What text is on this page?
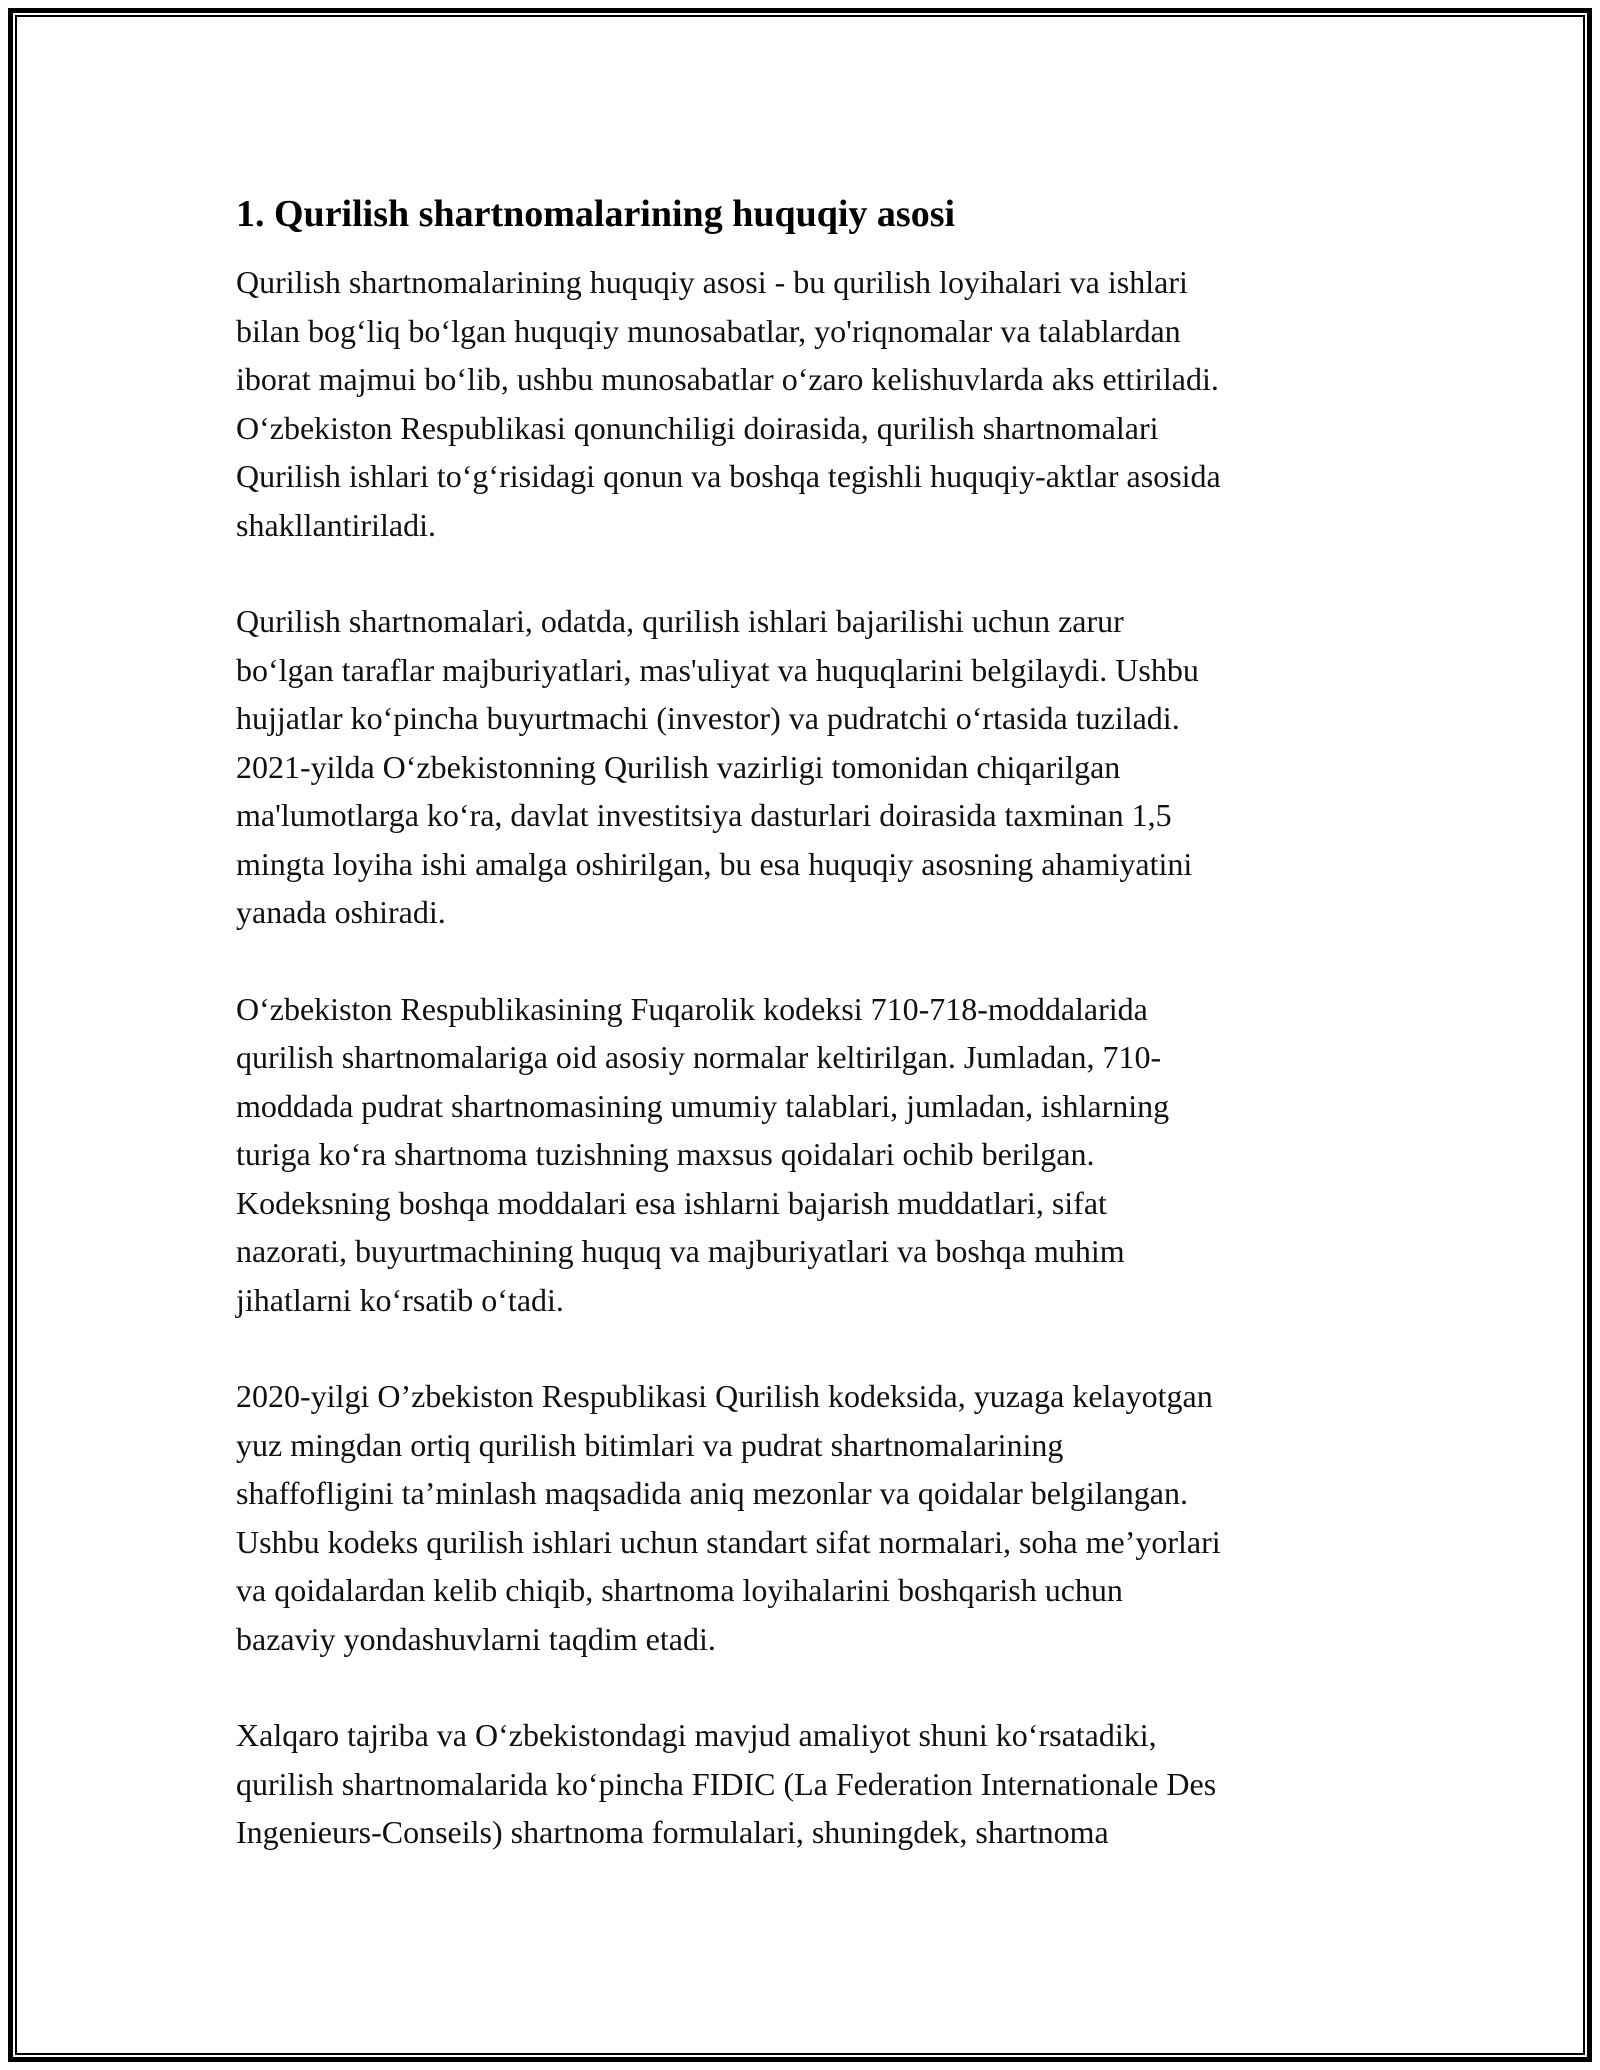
1. Qurilish shartnomalarining huquqiy asosi

Qurilish shartnomalarining huquqiy asosi - bu qurilish loyihalari va ishlari
bilan bog‘liq bo‘lgan huquqiy munosabatlar, yo'riqnomalar va talablardan
iborat majmui bo‘lib, ushbu munosabatlar o‘zaro kelishuvlarda aks ettiriladi.
O‘zbekiston Respublikasi qonunchiligi doirasida, qurilish shartnomalari
Qurilish ishlari to‘g‘risidagi qonun va boshqa tegishli huquqiy-aktlar asosida
shakllantiriladi.

Qurilish shartnomalari, odatda, qurilish ishlari bajarilishi uchun zarur
bo‘lgan taraflar majburiyatlari, mas'uliyat va huquqlarini belgilaydi. Ushbu
hujjatlar ko‘pincha buyurtmachi (investor) va pudratchi o‘rtasida tuziladi.
2021-yilda O‘zbekistonning Qurilish vazirligi tomonidan chiqarilgan
ma'lumotlarga ko‘ra, davlat investitsiya dasturlari doirasida taxminan 1,5
mingta loyiha ishi amalga oshirilgan, bu esa huquqiy asosning ahamiyatini
yanada oshiradi.

O‘zbekiston Respublikasining Fuqarolik kodeksi 710-718-moddalarida
qurilish shartnomalariga oid asosiy normalar keltirilgan. Jumladan, 710-
moddada pudrat shartnomasining umumiy talablari, jumladan, ishlarning
turiga ko‘ra shartnoma tuzishning maxsus qoidalari ochib berilgan.
Kodeksning boshqa moddalari esa ishlarni bajarish muddatlari, sifat
nazorati, buyurtmachining huquq va majburiyatlari va boshqa muhim
jihatlarni ko‘rsatib o‘tadi.

2020-yilgi O’zbekiston Respublikasi Qurilish kodeksida, yuzaga kelayotgan
yuz mingdan ortiq qurilish bitimlari va pudrat shartnomalarining
shaffofligini ta’minlash maqsadida aniq mezonlar va qoidalar belgilangan.
Ushbu kodeks qurilish ishlari uchun standart sifat normalari, soha me’yorlari
va qoidalardan kelib chiqib, shartnoma loyihalarini boshqarish uchun
bazaviy yondashuvlarni taqdim etadi.

Xalqaro tajriba va O‘zbekistondagi mavjud amaliyot shuni ko‘rsatadiki,
qurilish shartnomalarida ko‘pincha FIDIC (La Federation Internationale Des
Ingenieurs-Conseils) shartnoma formulalari, shuningdek, shartnoma
